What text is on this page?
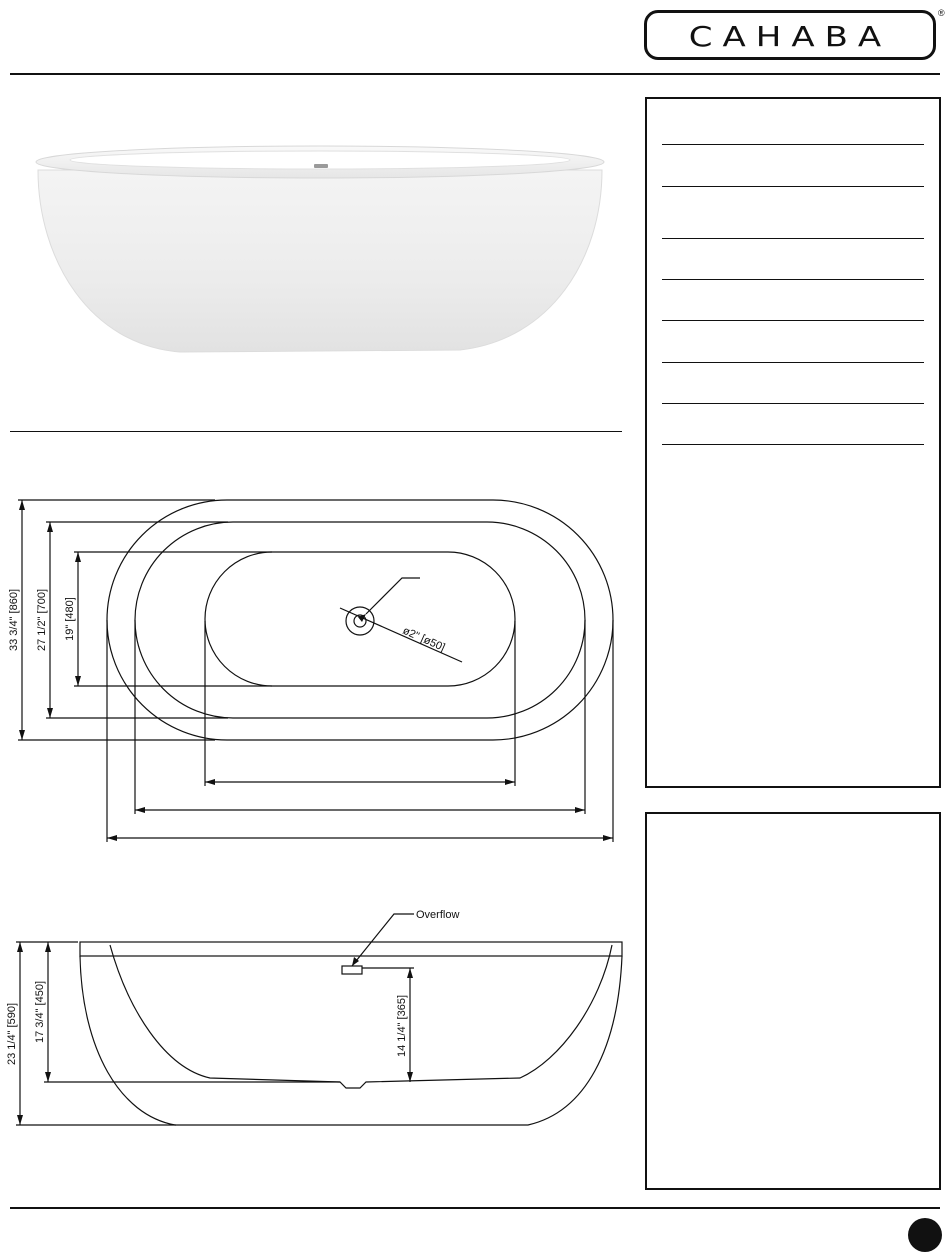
CAHABA
®
33 3/4" [860] 27 1/2" [700] 19" [480]	ø2" [ø50]
Overflow
23 1/4" [590] 17 3/4" [450]	14 1/4" [365]
